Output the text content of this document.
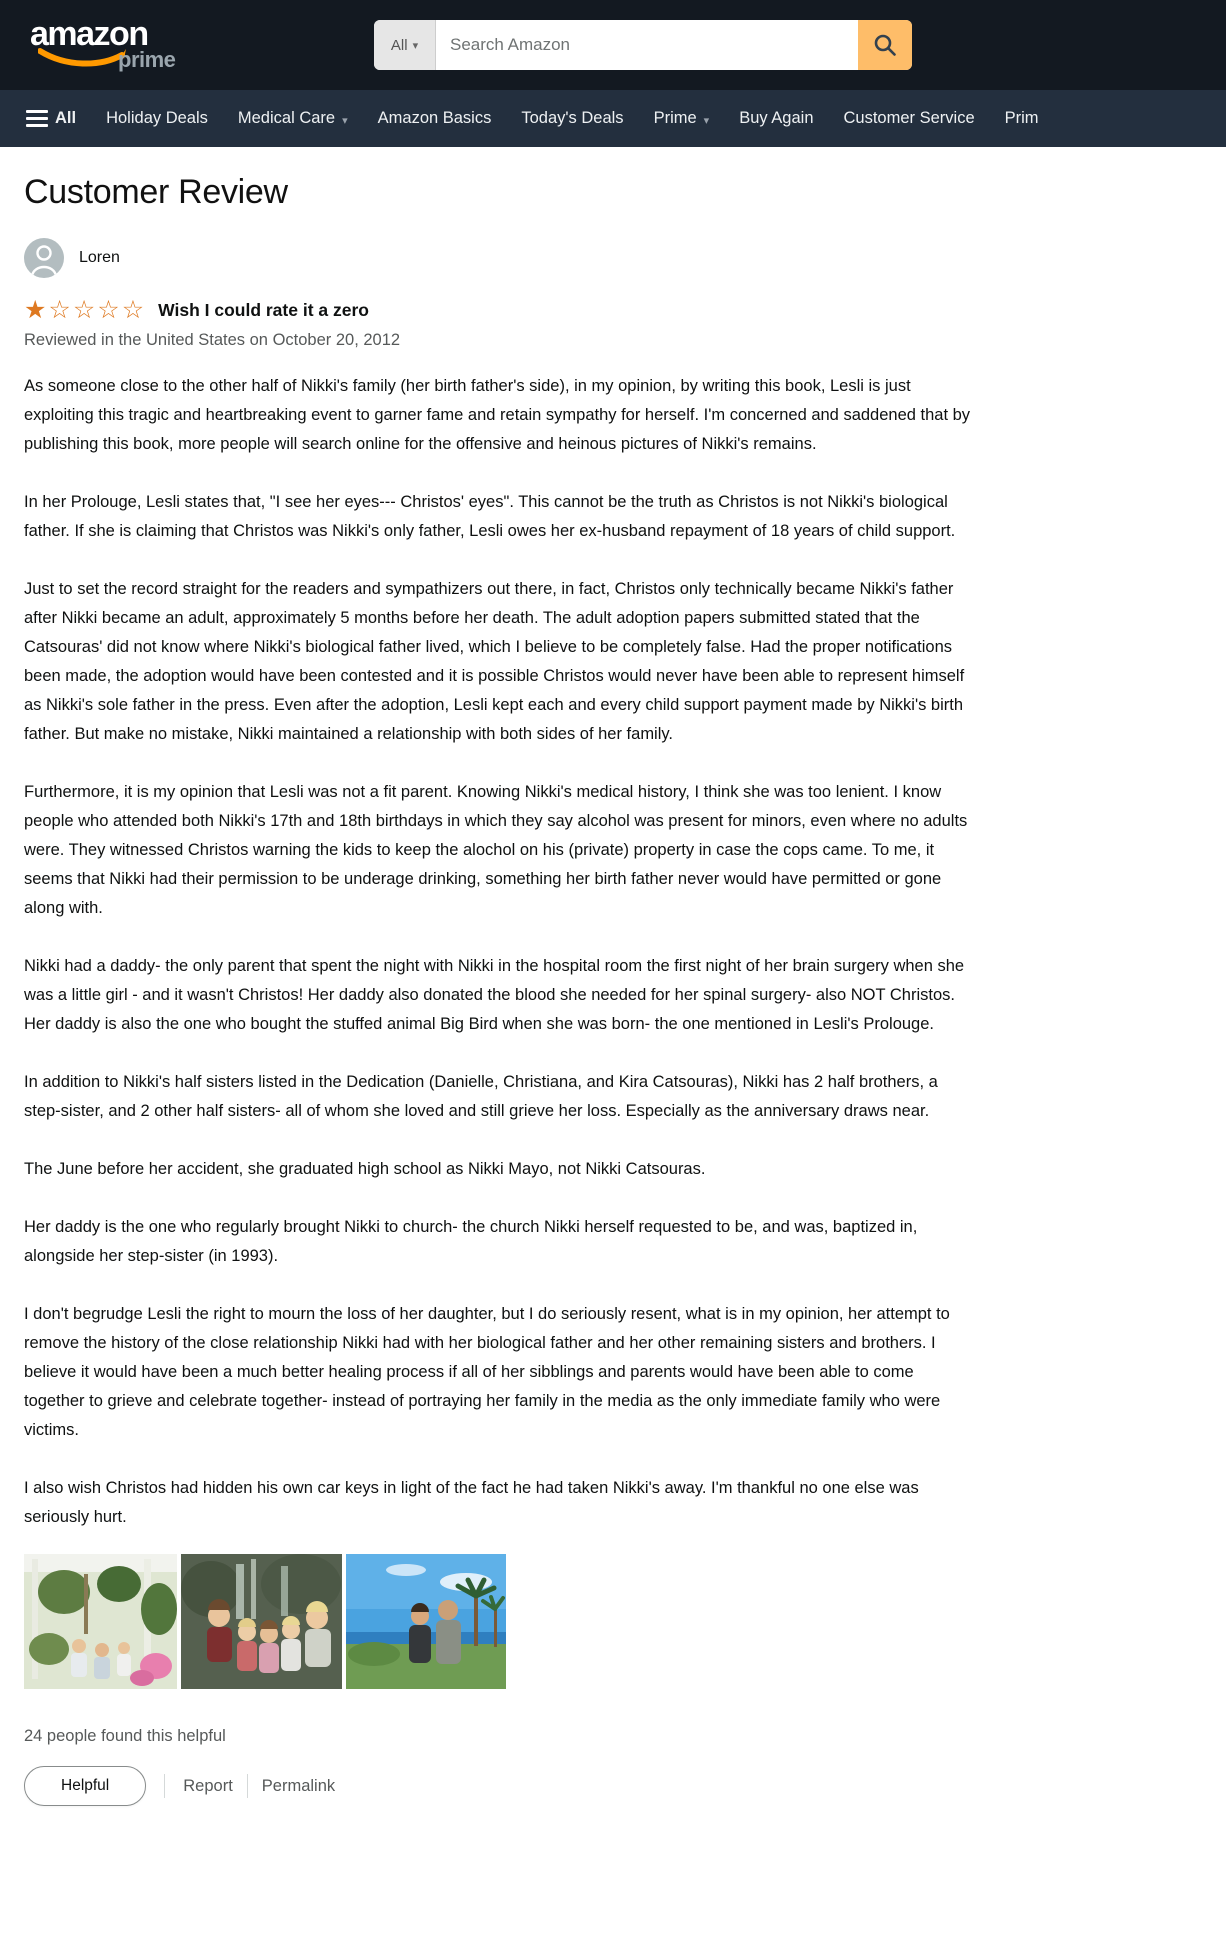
amazon
prime
All ▾
Search Amazon
All Holiday Deals Medical Care ▾ Amazon Basics Today's Deals Prime ▾ Buy Again Customer Service Prim
Customer Review
Loren
★☆☆☆☆ Wish I could rate it a zero
Reviewed in the United States on October 20, 2012

As someone close to the other half of Nikki's family (her birth father's side), in my opinion, by writing this book, Lesli is just exploiting this tragic and heartbreaking event to garner fame and retain sympathy for herself. I'm concerned and saddened that by publishing this book, more people will search online for the offensive and heinous pictures of Nikki's remains.

In her Prolouge, Lesli states that, "I see her eyes--- Christos' eyes". This cannot be the truth as Christos is not Nikki's biological father. If she is claiming that Christos was Nikki's only father, Lesli owes her ex-husband repayment of 18 years of child support.

Just to set the record straight for the readers and sympathizers out there, in fact, Christos only technically became Nikki's father after Nikki became an adult, approximately 5 months before her death. The adult adoption papers submitted stated that the Catsouras' did not know where Nikki's biological father lived, which I believe to be completely false. Had the proper notifications been made, the adoption would have been contested and it is possible Christos would never have been able to represent himself as Nikki's sole father in the press. Even after the adoption, Lesli kept each and every child support payment made by Nikki's birth father. But make no mistake, Nikki maintained a relationship with both sides of her family.

Furthermore, it is my opinion that Lesli was not a fit parent. Knowing Nikki's medical history, I think she was too lenient. I know people who attended both Nikki's 17th and 18th birthdays in which they say alcohol was present for minors, even where no adults were. They witnessed Christos warning the kids to keep the alochol on his (private) property in case the cops came. To me, it seems that Nikki had their permission to be underage drinking, something her birth father never would have permitted or gone along with.

Nikki had a daddy- the only parent that spent the night with Nikki in the hospital room the first night of her brain surgery when she was a little girl - and it wasn't Christos! Her daddy also donated the blood she needed for her spinal surgery- also NOT Christos. Her daddy is also the one who bought the stuffed animal Big Bird when she was born- the one mentioned in Lesli's Prolouge.

In addition to Nikki's half sisters listed in the Dedication (Danielle, Christiana, and Kira Catsouras), Nikki has 2 half brothers, a step-sister, and 2 other half sisters- all of whom she loved and still grieve her loss. Especially as the anniversary draws near.

The June before her accident, she graduated high school as Nikki Mayo, not Nikki Catsouras.

Her daddy is the one who regularly brought Nikki to church- the church Nikki herself requested to be, and was, baptized in, alongside her step-sister (in 1993).

I don't begrudge Lesli the right to mourn the loss of her daughter, but I do seriously resent, what is in my opinion, her attempt to remove the history of the close relationship Nikki had with her biological father and her other remaining sisters and brothers. I believe it would have been a much better healing process if all of her sibblings and parents would have been able to come together to grieve and celebrate together- instead of portraying her family in the media as the only immediate family who were victims.

I also wish Christos had hidden his own car keys in light of the fact he had taken Nikki's away. I'm thankful no one else was seriously hurt.

24 people found this helpful
Helpful	Report Permalink
